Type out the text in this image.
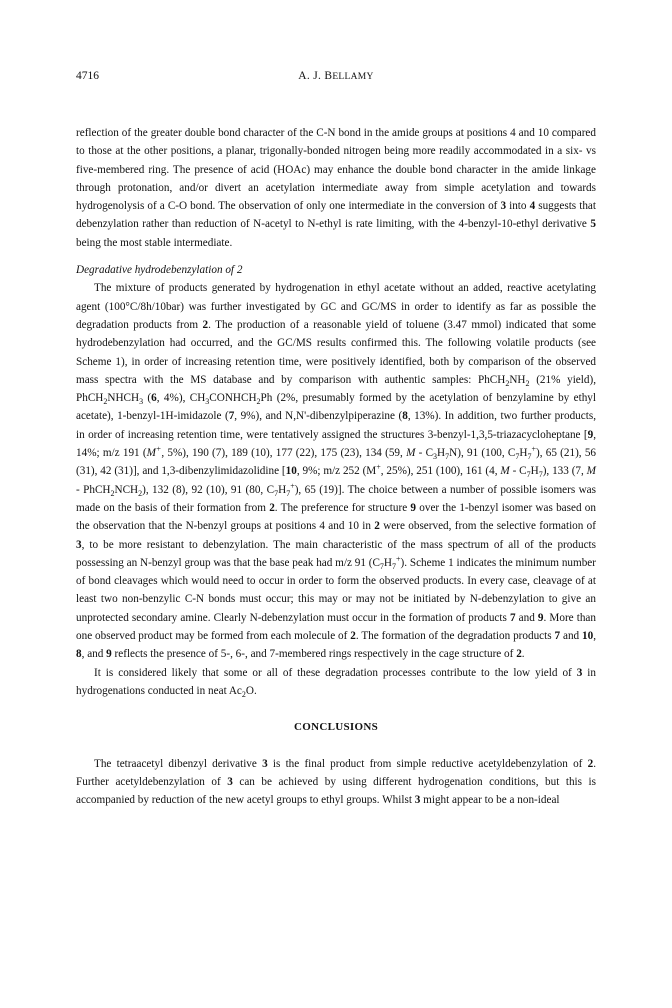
4716	A. J. BELLAMY

reflection of the greater double bond character of the C-N bond in the amide groups at positions 4 and 10 compared to those at the other positions, a planar, trigonally-bonded nitrogen being more readily accommodated in a six- vs five-membered ring. The presence of acid (HOAc) may enhance the double bond character in the amide linkage through protonation, and/or divert an acetylation intermediate away from simple acetylation and towards hydrogenolysis of a C-O bond. The observation of only one intermediate in the conversion of 3 into 4 suggests that debenzylation rather than reduction of N-acetyl to N-ethyl is rate limiting, with the 4-benzyl-10-ethyl derivative 5 being the most stable intermediate.

Degradative hydrodebenzylation of 2

The mixture of products generated by hydrogenation in ethyl acetate without an added, reactive acetylating agent (100°C/8h/10bar) was further investigated by GC and GC/MS in order to identify as far as possible the degradation products from 2. The production of a reasonable yield of toluene (3.47 mmol) indicated that some hydrodebenzylation had occurred, and the GC/MS results confirmed this. The following volatile products (see Scheme 1), in order of increasing retention time, were positively identified, both by comparison of the observed mass spectra with the MS database and by comparison with authentic samples: $PhCH_2NH_2$ (21% yield), $PhCH_2NHCH_3$ (6, 4%), $CH_3CONHCH_2Ph$ (2%, presumably formed by the acetylation of benzylamine by ethyl acetate), 1-benzyl-1H-imidazole (7, 9%), and N,N'-dibenzylpiperazine (8, 13%). In addition, two further products, in order of increasing retention time, were tentatively assigned the structures 3-benzyl-1,3,5-triazacycloheptane [9, 14%; m/z 191 (M+, 5%), 190 (7), 189 (10), 177 (22), 175 (23), 134 (59, M - $C_3H_7N$), 91 (100, $C_7H_7^+$), 65 (21), 56 (31), 42 (31)], and 1,3-dibenzylimidazolidine [10, 9%; m/z 252 (M+, 25%), 251 (100), 161 (4, M - $C_7H_7$), 133 (7, M - $PhCH_2NCH_2$), 132 (8), 92 (10), 91 (80, $C_7H_7^+$), 65 (19)]. The choice between a number of possible isomers was made on the basis of their formation from 2. The preference for structure 9 over the 1-benzyl isomer was based on the observation that the N-benzyl groups at positions 4 and 10 in 2 were observed, from the selective formation of 3, to be more resistant to debenzylation. The main characteristic of the mass spectrum of all of the products possessing an N-benzyl group was that the base peak had m/z 91 $(C_7H_7^+)$. Scheme 1 indicates the minimum number of bond cleavages which would need to occur in order to form the observed products. In every case, cleavage of at least two non-benzylic C-N bonds must occur; this may or may not be initiated by N-debenzylation to give an unprotected secondary amine. Clearly N-debenzylation must occur in the formation of products 7 and 9. More than one observed product may be formed from each molecule of 2. The formation of the degradation products 7 and 10, 8, and 9 reflects the presence of 5-, 6-, and 7-membered rings respectively in the cage structure of 2.

It is considered likely that some or all of these degradation processes contribute to the low yield of 3 in hydrogenations conducted in neat $Ac_2O$.

CONCLUSIONS

The tetraacetyl dibenzyl derivative 3 is the final product from simple reductive acetyldebenzylation of 2. Further acetyldebenzylation of 3 can be achieved by using different hydrogenation conditions, but this is accompanied by reduction of the new acetyl groups to ethyl groups. Whilst 3 might appear to be a non-ideal
